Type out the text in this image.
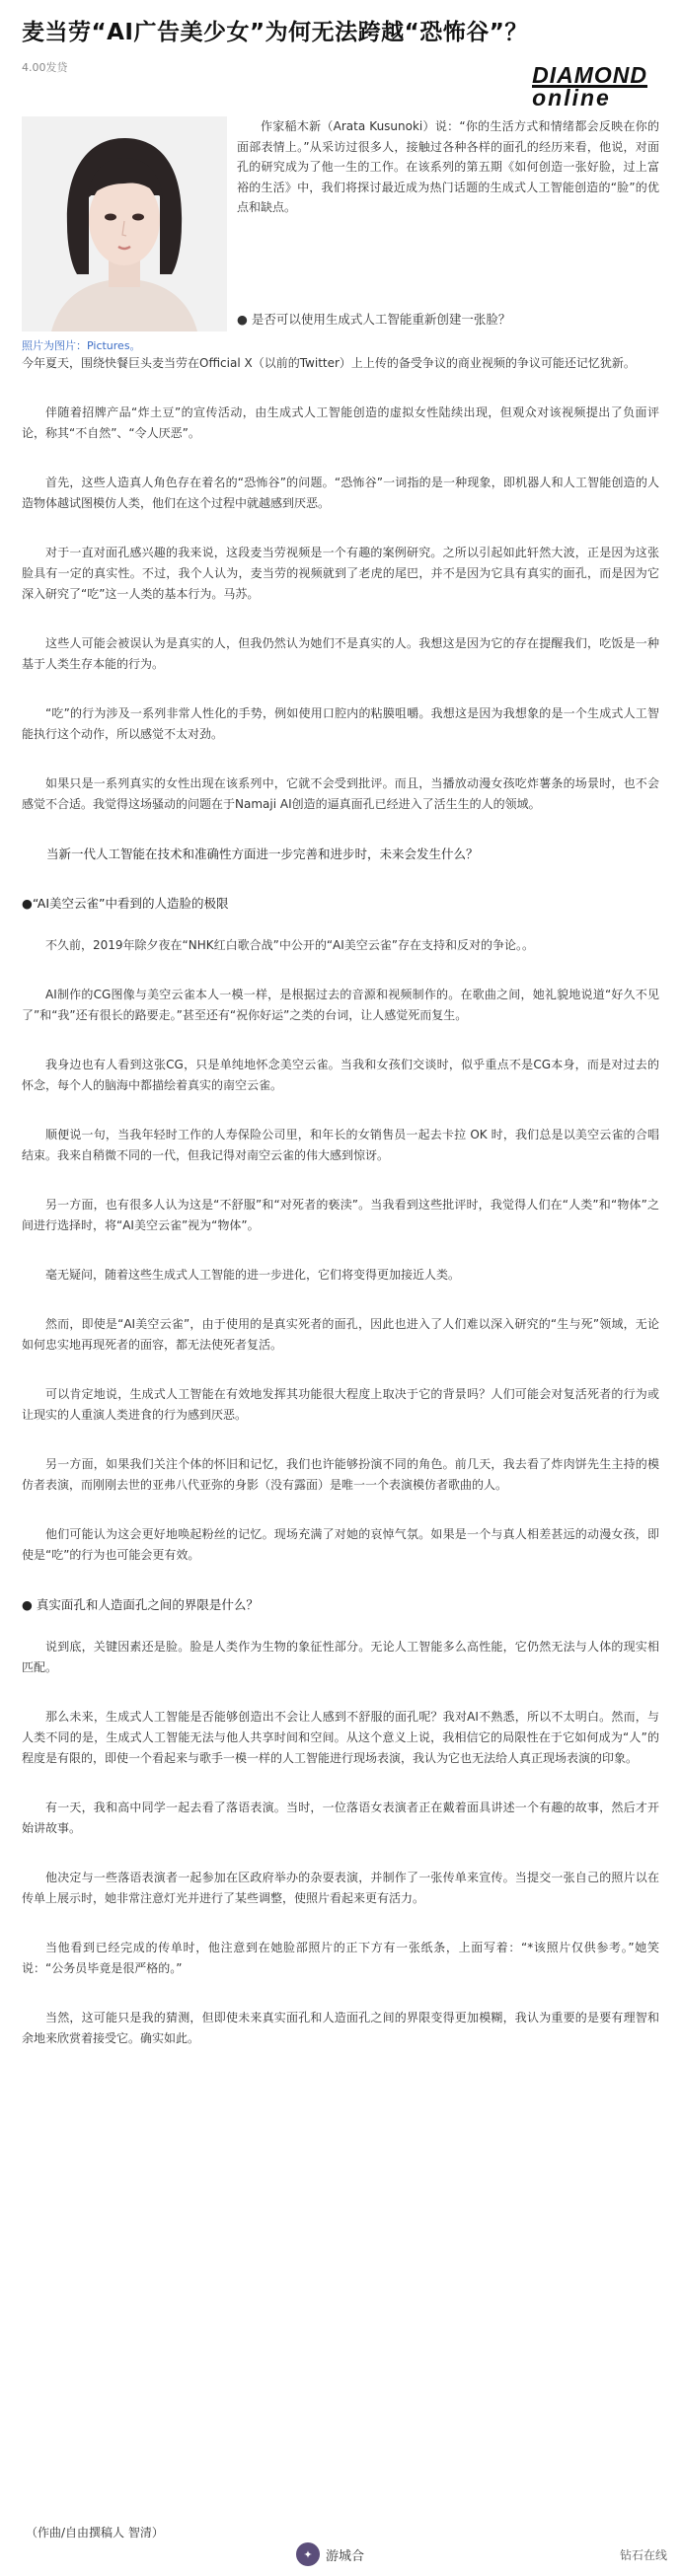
麦当劳“AI广告美少女”为何无法跨越“恐怖谷”？
4.00发贷	DIAMOND
online
照片为图片：Pictures。
作家稲木新（Arata Kusunoki）说：“你的生活方式和情绪都会反映在你的面部表情上。”从采访过很多人，接触过各种各样的面孔的经历来看，他说，对面孔的研究成为了他一生的工作。在该系列的第五期《如何创造一张好脸，过上富裕的生活》中，我们将探讨最近成为热门话题的生成式人工智能创造的“脸”的优点和缺点。
● 是否可以使用生成式人工智能重新创建一张脸？

今年夏天，围绕快餐巨头麦当劳在Official X（以前的Twitter）上上传的备受争议的商业视频的争议可能还记忆犹新。

伴随着招牌产品“炸土豆”的宣传活动，由生成式人工智能创造的虚拟女性陆续出现，但观众对该视频提出了负面评论，称其“不自然”、“令人厌恶”。

首先，这些人造真人角色存在着名的“恐怖谷”的问题。“恐怖谷”一词指的是一种现象，即机器人和人工智能创造的人造物体越试图模仿人类，他们在这个过程中就越感到厌恶。

对于一直对面孔感兴趣的我来说，这段麦当劳视频是一个有趣的案例研究。之所以引起如此轩然大波，正是因为这张脸具有一定的真实性。不过，我个人认为，麦当劳的视频就到了老虎的尾巴，并不是因为它具有真实的面孔，而是因为它深入研究了“吃”这一人类的基本行为。马苏。

这些人可能会被误认为是真实的人，但我仍然认为她们不是真实的人。我想这是因为它的存在提醒我们，吃饭是一种基于人类生存本能的行为。

“吃”的行为涉及一系列非常人性化的手势，例如使用口腔内的粘膜咀嚼。我想这是因为我想象的是一个生成式人工智能执行这个动作，所以感觉不太对劲。

如果只是一系列真实的女性出现在该系列中，它就不会受到批评。而且，当播放动漫女孩吃炸薯条的场景时，也不会感觉不合适。我觉得这场骚动的问题在于Namaji AI创造的逼真面孔已经进入了活生生的人的领域。

当新一代人工智能在技术和准确性方面进一步完善和进步时，未来会发生什么？

●“AI美空云雀”中看到的人造脸的极限

不久前，2019年除夕夜在“NHK红白歌合战”中公开的“AI美空云雀”存在支持和反对的争论。。

AI制作的CG图像与美空云雀本人一模一样，是根据过去的音源和视频制作的。在歌曲之间，她礼貌地说道“好久不见了”和“我”还有很长的路要走。”甚至还有“祝你好运”之类的台词，让人感觉死而复生。

我身边也有人看到这张CG，只是单纯地怀念美空云雀。当我和女孩们交谈时，似乎重点不是CG本身，而是对过去的怀念，每个人的脑海中都描绘着真实的南空云雀。

顺便说一句，当我年轻时工作的人寿保险公司里，和年长的女销售员一起去卡拉 OK 时，我们总是以美空云雀的合唱结束。我来自稍微不同的一代，但我记得对南空云雀的伟大感到惊讶。

另一方面，也有很多人认为这是“不舒服”和“对死者的亵渎”。当我看到这些批评时，我觉得人们在“人类”和“物体”之间进行选择时，将“AI美空云雀”视为“物体”。

毫无疑问，随着这些生成式人工智能的进一步进化，它们将变得更加接近人类。

然而，即使是“AI美空云雀”，由于使用的是真实死者的面孔，因此也进入了人们难以深入研究的“生与死”领域，无论如何忠实地再现死者的面容，都无法使死者复活。

可以肯定地说，生成式人工智能在有效地发挥其功能很大程度上取决于它的背景吗？人们可能会对复活死者的行为或让现实的人重演人类进食的行为感到厌恶。

另一方面，如果我们关注个体的怀旧和记忆，我们也许能够扮演不同的角色。前几天，我去看了炸肉饼先生主持的模仿者表演，而刚刚去世的亚弗八代亚弥的身影（没有露面）是唯一一个表演模仿者歌曲的人。

他们可能认为这会更好地唤起粉丝的记忆。现场充满了对她的哀悼气氛。如果是一个与真人相差甚远的动漫女孩，即使是“吃”的行为也可能会更有效。

● 真实面孔和人造面孔之间的界限是什么？

说到底，关键因素还是脸。脸是人类作为生物的象征性部分。无论人工智能多么高性能，它仍然无法与人体的现实相匹配。

那么未来，生成式人工智能是否能够创造出不会让人感到不舒服的面孔呢？我对AI不熟悉，所以不太明白。然而，与人类不同的是，生成式人工智能无法与他人共享时间和空间。从这个意义上说，我相信它的局限性在于它如何成为“人”的程度是有限的，即使一个看起来与歌手一模一样的人工智能进行现场表演，我认为它也无法给人真正现场表演的印象。

有一天，我和高中同学一起去看了落语表演。当时，一位落语女表演者正在戴着面具讲述一个有趣的故事，然后才开始讲故事。

他决定与一些落语表演者一起参加在区政府举办的杂耍表演，并制作了一张传单来宣传。当提交一张自己的照片以在传单上展示时，她非常注意灯光并进行了某些调整，使照片看起来更有活力。

当他看到已经完成的传单时，他注意到在她脸部照片的正下方有一张纸条，上面写着：“*该照片仅供参考。”她笑说：“公务员毕竟是很严格的。”

当然，这可能只是我的猜测，但即使未来真实面孔和人造面孔之间的界限变得更加模糊，我认为重要的是要有理智和余地来欣赏着接受它。确实如此。

（作曲/自由撰稿人 智清）
✦	游城合	钻石在线
